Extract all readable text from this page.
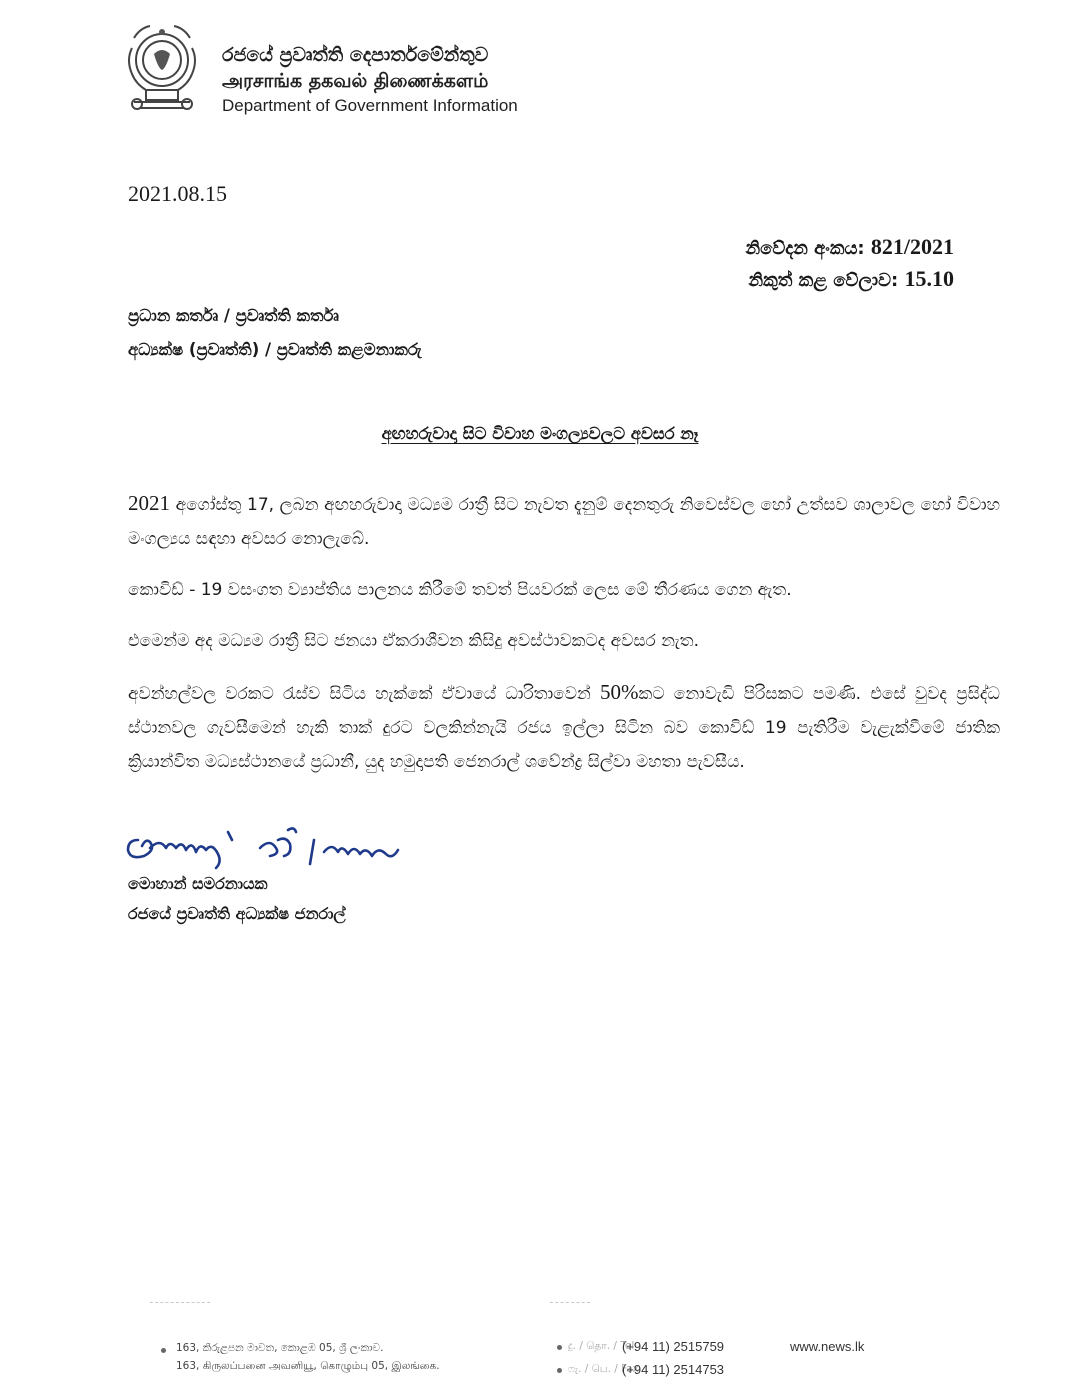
රජයේ ප්‍රවෘත්ති දෙපාර්තමේන්තුව
அரசாங்க தகவல் திணைக்களம்
Department of Government Information
2021.08.15
නිවේදන අංකය: 821/2021
නිකුත් කළ වේලාව: 15.10
ප්‍රධාන කර්තෘ / ප්‍රවෘත්ති කර්තෘ
අධ්‍යක්ෂ (ප්‍රවෘත්ති) / ප්‍රවෘත්ති කළමනාකරු
අඟහරුවාදා සිට විවාහ මංගල්‍යවලට අවසර නෑ

2021 අගෝස්තු 17, ලබන අඟහරුවාදා මධ්‍යම රාත්‍රී සිට නැවත දැනුම් දෙනතුරු නිවෙස්වල හෝ උත්සව ශාලාවල හෝ විවාහ මංගල්‍යය සඳහා අවසර නොලැබේ.

කොවිඩ් - 19 වසංගත ව්‍යාප්තිය පාලනය කිරීමේ තවත් පියවරක් ලෙස මේ තීරණය ගෙන ඇත.

එමෙන්ම අද මධ්‍යම රාත්‍රී සිට ජනයා ඒකරාශීවන කිසිදු අවස්ථාවකටද අවසර නැත.

අවන්හල්වල වරකට රැස්ව සිටිය හැක්කේ ඒවායේ ධාරිතාවෙන් 50%කට නොවැඩි පිරිසකට පමණි. එසේ වුවද ප්‍රසිද්ධ ස්ථානවල ගැවසීමෙන් හැකි තාක් දුරට වලකින්නැයි රජය ඉල්ලා සිටින බව කොවිඩ් 19 පැතිරීම වැළැක්වීමේ ජාතික ක්‍රියාන්විත මධ්‍යස්ථානයේ ප්‍රධානී, යුද හමුදාපති ජෙනරාල් ශවේන්ද්‍ර සිල්වා මහතා පැවසීය.

මොහාන් සමරනායක
රජයේ ප්‍රවෘත්ති අධ්‍යක්ෂ ජනරාල්
163, කිරුළපන මාවත, කොළඹ 05, ශ්‍රී ලංකාව.
163, கிருலப்பனை அவனியூ, கொழும்பு 05, இலங்கை.
දු. / தொ. / Tel
(+94 11) 2515759
ෆැ. / பெ. / Fax
(+94 11) 2514753
www.news.lk
